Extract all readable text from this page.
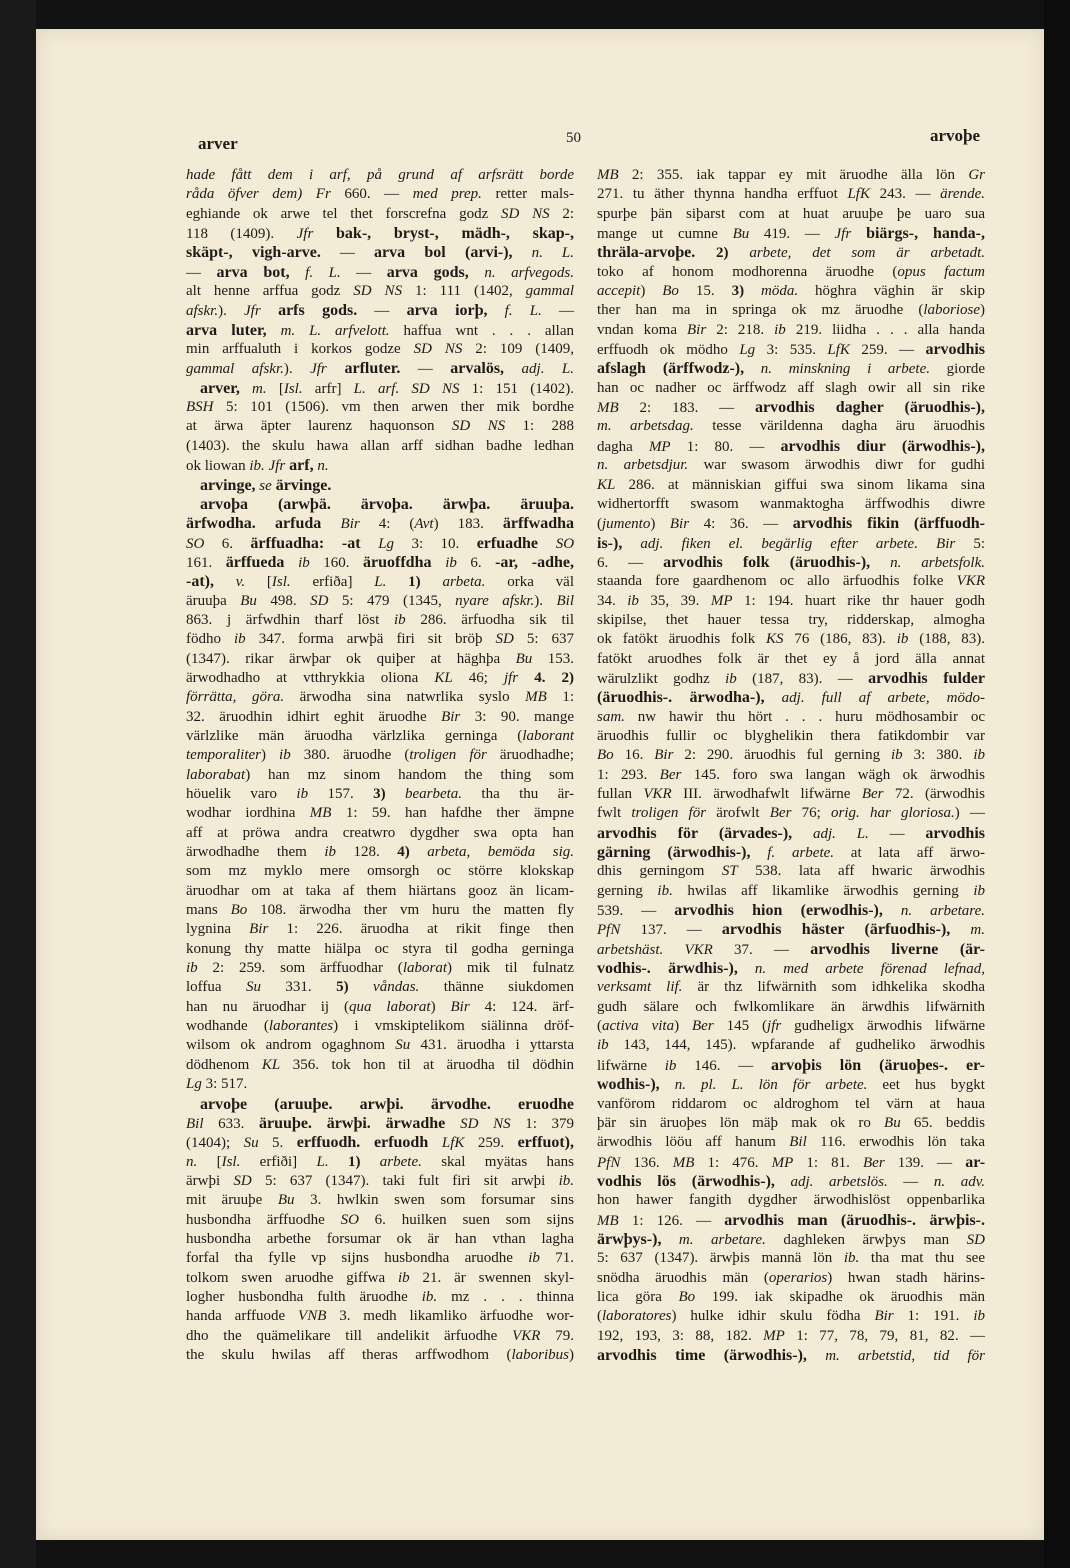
arver	50	arvoþe
hade fått dem i arf, på grund af arfsrätt borde
råda öfver dem) Fr 660. — med prep. retter mals-
eghiande ok arwe tel thet forscrefna godz SD NS 2:
118 (1409). Jfr bak-, bryst-, mädh-, skap-,
skäpt-, vigh-arve. — arva bol (arvi-), n. L.
— arva bot, f. L. — arva gods, n. arfvegods.
alt henne arffua godz SD NS 1: 111 (1402, gammal
afskr.). Jfr arfs gods. — arva iorþ, f. L. —
arva luter, m. L. arfvelott. haffua wnt . . . allan
min arffualuth i korkos godze SD NS 2: 109 (1409,
gammal afskr.). Jfr arfluter. — arvalös, adj. L.
arver, m. [Isl. arfr] L. arf. SD NS 1: 151 (1402).
BSH 5: 101 (1506). vm then arwen ther mik bordhe
at ärwa äpter laurenz haquonson SD NS 1: 288
(1403). the skulu hawa allan arff sidhan badhe ledhan
ok liowan ib. Jfr arf, n.
arvinge, se ärvinge.
arvoþa (arwþä. ärvoþa. ärwþa. äruuþa.
ärfwodha. arfuda Bir 4: (Avt) 183. ärffwadha
SO 6. ärffuadha: -at Lg 3: 10. erfuadhe SO
161. ärffueda ib 160. äruoffdha ib 6. -ar, -adhe,
-at), v. [Isl. erfiða] L. 1) arbeta. orka väl
äruuþa Bu 498. SD 5: 479 (1345, nyare afskr.). Bil
863. j ärfwdhin tharf löst ib 286. ärfuodha sik til
födho ib 347. forma arwþä firi sit bröþ SD 5: 637
(1347). rikar ärwþar ok quiþer at häghþa Bu 153.
ärwodhadho at vtthrykkia oliona KL 46; jfr 4. 2)
förrätta, göra. ärwodha sina natwrlika syslo MB 1:
32. äruodhin idhirt eghit äruodhe Bir 3: 90. mange
värlzlike män äruodha värlzlika gerninga (laborant
temporaliter) ib 380. äruodhe (troligen för äruodhadhe;
laborabat) han mz sinom handom the thing som
höuelik varo ib 157. 3) bearbeta. tha thu är-
wodhar iordhina MB 1: 59. han hafdhe ther ämpne
aff at pröwa andra creatwro dygdher swa opta han
ärwodhadhe them ib 128. 4) arbeta, bemöda sig.
som mz myklo mere omsorgh oc större klokskap
äruodhar om at taka af them hiärtans gooz än licam-
mans Bo 108. ärwodha ther vm huru the matten fly
lygnina Bir 1: 226. äruodha at rikit finge then
konung thy matte hiälpa oc styra til godha gerninga
ib 2: 259. som ärffuodhar (laborat) mik til fulnatz
loffua Su 331. 5) våndas. thänne siukdomen
han nu äruodhar ij (qua laborat) Bir 4: 124. ärf-
wodhande (laborantes) i vmskiptelikom siälinna dröf-
wilsom ok androm ogaghnom Su 431. äruodha i yttarsta
dödhenom KL 356. tok hon til at äruodha til dödhin
Lg 3: 517.
arvoþe (aruuþe. arwþi. ärvodhe. eruodhe
Bil 633. äruuþe. ärwþi. ärwadhe SD NS 1: 379
(1404); Su 5. erffuodh. erfuodh LfK 259. erffuot),
n. [Isl. erfiði] L. 1) arbete. skal myätas hans
ärwþi SD 5: 637 (1347). taki fult firi sit arwþi ib.
mit äruuþe Bu 3. hwlkin swen som forsumar sins
husbondha ärffuodhe SO 6. huilken suen som sijns
husbondha arbethe forsumar ok är han vthan lagha
forfal tha fylle vp sijns husbondha aruodhe ib 71.
tolkom swen aruodhe giffwa ib 21. är swennen skyl-
logher husbondha fulth äruodhe ib. mz . . . thinna
handa arffuode VNB 3. medh likamliko ärfuodhe wor-
dho the quämelikare till andelikit ärfuodhe VKR 79.
the skulu hwilas aff theras arffwodhom (laboribus)
MB 2: 355. iak tappar ey mit äruodhe älla lön Gr
271. tu äther thynna handha erffuot LfK 243. — ärende.
spurþe þän siþarst com at huat aruuþe þe uaro sua
mange ut cumne Bu 419. — Jfr biärgs-, handa-,
thräla-arvoþe. 2) arbete, det som är arbetadt.
toko af honom modhorenna äruodhe (opus factum
accepit) Bo 15. 3) möda. höghra väghin är skip
ther han ma in springa ok mz äruodhe (laboriose)
vndan koma Bir 2: 218. ib 219. liidha . . . alla handa
erffuodh ok mödho Lg 3: 535. LfK 259. — arvodhis
afslagh (ärffwodz-), n. minskning i arbete. giorde
han oc nadher oc ärffwodz aff slagh owir all sin rike
MB 2: 183. — arvodhis dagher (äruodhis-),
m. arbetsdag. tesse värildenna dagha äru äruodhis
dagha MP 1: 80. — arvodhis diur (ärwodhis-),
n. arbetsdjur. war swasom ärwodhis diwr for gudhi
KL 286. at människian giffui swa sinom likama sina
widhertorfft swasom wanmaktogha ärffwodhis diwre
(jumento) Bir 4: 36. — arvodhis fikin (ärffuodh-
is-), adj. fiken el. begärlig efter arbete. Bir 5:
6. — arvodhis folk (äruodhis-), n. arbetsfolk.
staanda fore gaardhenom oc allo ärfuodhis folke VKR
34. ib 35, 39. MP 1: 194. huart rike thr hauer godh
skipilse, thet hauer tessa try, ridderskap, almogha
ok fatökt äruodhis folk KS 76 (186, 83). ib (188, 83).
fatökt aruodhes folk är thet ey å jord älla annat
wärulzlikt godhz ib (187, 83). — arvodhis fulder
(äruodhis-. ärwodha-), adj. full af arbete, mödo-
sam. nw hawir thu hört . . . huru mödhosambir oc
äruodhis fullir oc blyghelikin thera fatikdombir var
Bo 16. Bir 2: 290. äruodhis ful gerning ib 3: 380. ib
1: 293. Ber 145. foro swa langan wägh ok ärwodhis
fullan VKR III. ärwodhafwlt lifwärne Ber 72. (ärwodhis
fwlt troligen för ärofwlt Ber 76; orig. har gloriosa.) —
arvodhis för (ärvades-), adj. L. — arvodhis
gärning (ärwodhis-), f. arbete. at lata aff ärwo-
dhis gerningom ST 538. lata aff hwaric ärwodhis
gerning ib. hwilas aff likamlike ärwodhis gerning ib
539. — arvodhis hion (erwodhis-), n. arbetare.
PfN 137. — arvodhis häster (ärfuodhis-), m.
arbetshäst. VKR 37. — arvodhis liverne (är-
vodhis-. ärwdhis-), n. med arbete förenad lefnad,
verksamt lif. är thz lifwärnith som idhkelika skodha
gudh sälare och fwlkomlikare än ärwdhis lifwärnith
(activa vita) Ber 145 (jfr gudheligx ärwodhis lifwärne
ib 143, 144, 145). wpfarande af gudheliko ärwodhis
lifwärne ib 146. — arvoþis lön (äruoþes-. er-
wodhis-), n. pl. L. lön för arbete. eet hus bygkt
vanförom riddarom oc aldroghom tel värn at haua
þär sin äruoþes lön mäþ mak ok ro Bu 65. beddis
ärwodhis lööu aff hanum Bil 116. erwodhis lön taka
PfN 136. MB 1: 476. MP 1: 81. Ber 139. — ar-
vodhis lös (ärwodhis-), adj. arbetslös. — n. adv.
hon hawer fangith dygdher ärwodhislöst oppenbarlika
MB 1: 126. — arvodhis man (äruodhis-. ärwþis-.
ärwþys-), m. arbetare. daghleken ärwþys man SD
5: 637 (1347). ärwþis mannä lön ib. tha mat thu see
snödha äruodhis män (operarios) hwan stadh härins-
lica göra Bo 199. iak skipadhe ok äruodhis män
(laboratores) hulke idhir skulu födha Bir 1: 191. ib
192, 193, 3: 88, 182. MP 1: 77, 78, 79, 81, 82. —
arvodhis time (ärwodhis-), m. arbetstid, tid för
